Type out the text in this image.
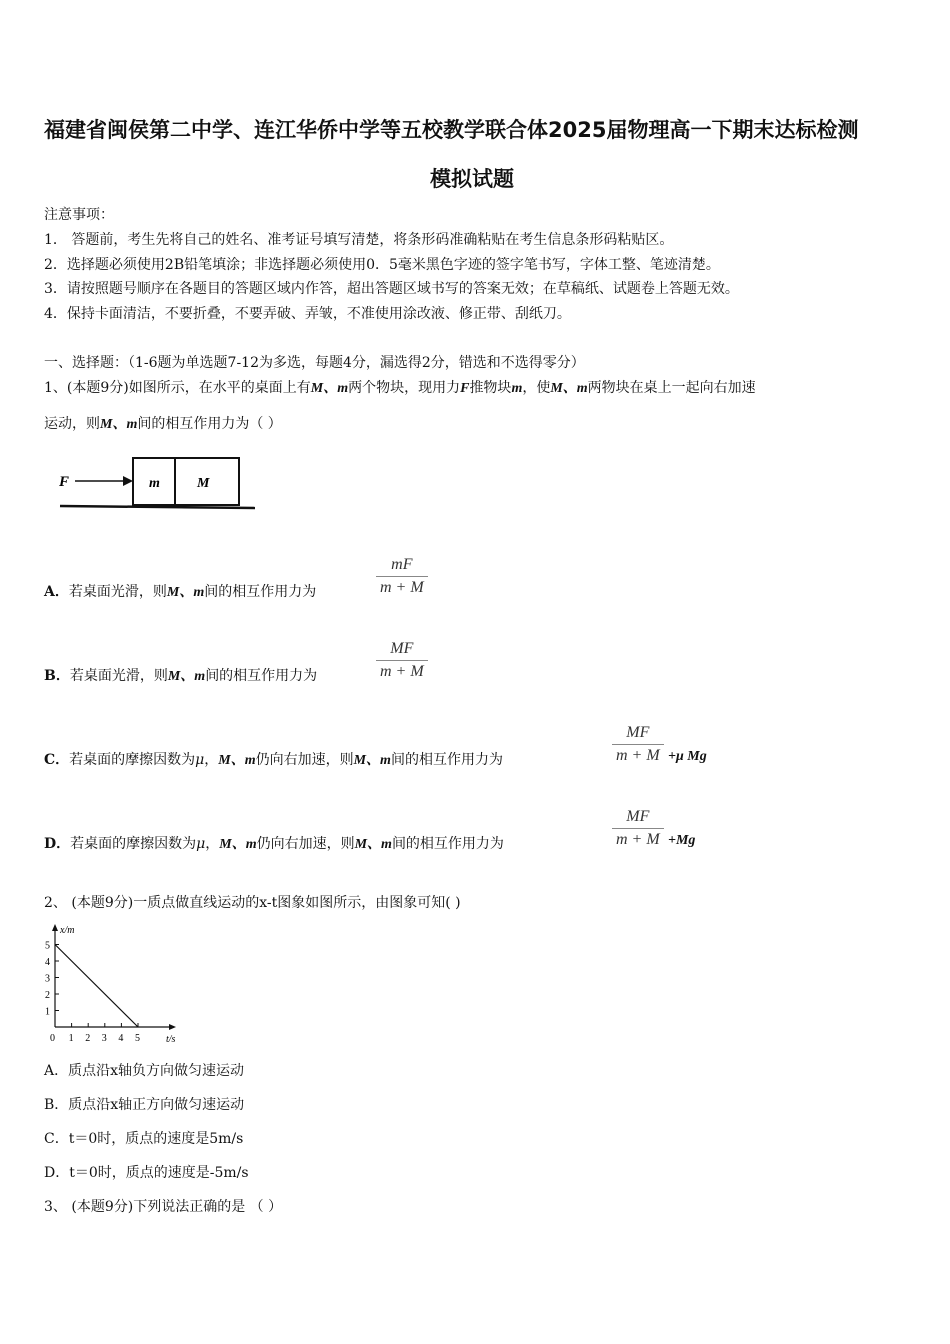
福建省闽侯第二中学、连江华侨中学等五校教学联合体2025届物理高一下期末达标检测
模拟试题
注意事项：
1． 答题前，考生先将自己的姓名、准考证号填写清楚，将条形码准确粘贴在考生信息条形码粘贴区。
2．选择题必须使用2B铅笔填涂；非选择题必须使用0．5毫米黑色字迹的签字笔书写，字体工整、笔迹清楚。
3．请按照题号顺序在各题目的答题区域内作答，超出答题区域书写的答案无效；在草稿纸、试题卷上答题无效。
4．保持卡面清洁，不要折叠，不要弄破、弄皱，不准使用涂改液、修正带、刮纸刀。
一、选择题：（1-6题为单选题7-12为多选，每题4分，漏选得2分，错选和不选得零分）
1、(本题9分)如图所示，在水平的桌面上有M、m两个物块，现用力F推物块m，使M、m两物块在桌上一起向右加速
运动，则M、m间的相互作用力为（ ）
F	m	M
A．若桌面光滑，则M、m间的相互作用力为	$\frac{mF}{m + M}$
B．若桌面光滑，则M、m间的相互作用力为	$\frac{MF}{m + M}$
C．若桌面的摩擦因数为μ，M、m仍向右加速，则M、m间的相互作用力为	$\frac{MF}{m + M} +\mu$ Mg
D．若桌面的摩擦因数为μ，M、m仍向右加速，则M、m间的相互作用力为	$\frac{MF}{m + M} +Mg$
2、 (本题9分)一质点做直线运动的x-t图象如图所示，由图象可知( )
x/m
t/s
5
4
3
2
1
0 1 2 3 4 5
A．质点沿x轴负方向做匀速运动
B．质点沿x轴正方向做匀速运动
C．t＝0时，质点的速度是5m/s
D．t＝0时，质点的速度是-5m/s
3、 (本题9分)下列说法正确的是 （ ）
